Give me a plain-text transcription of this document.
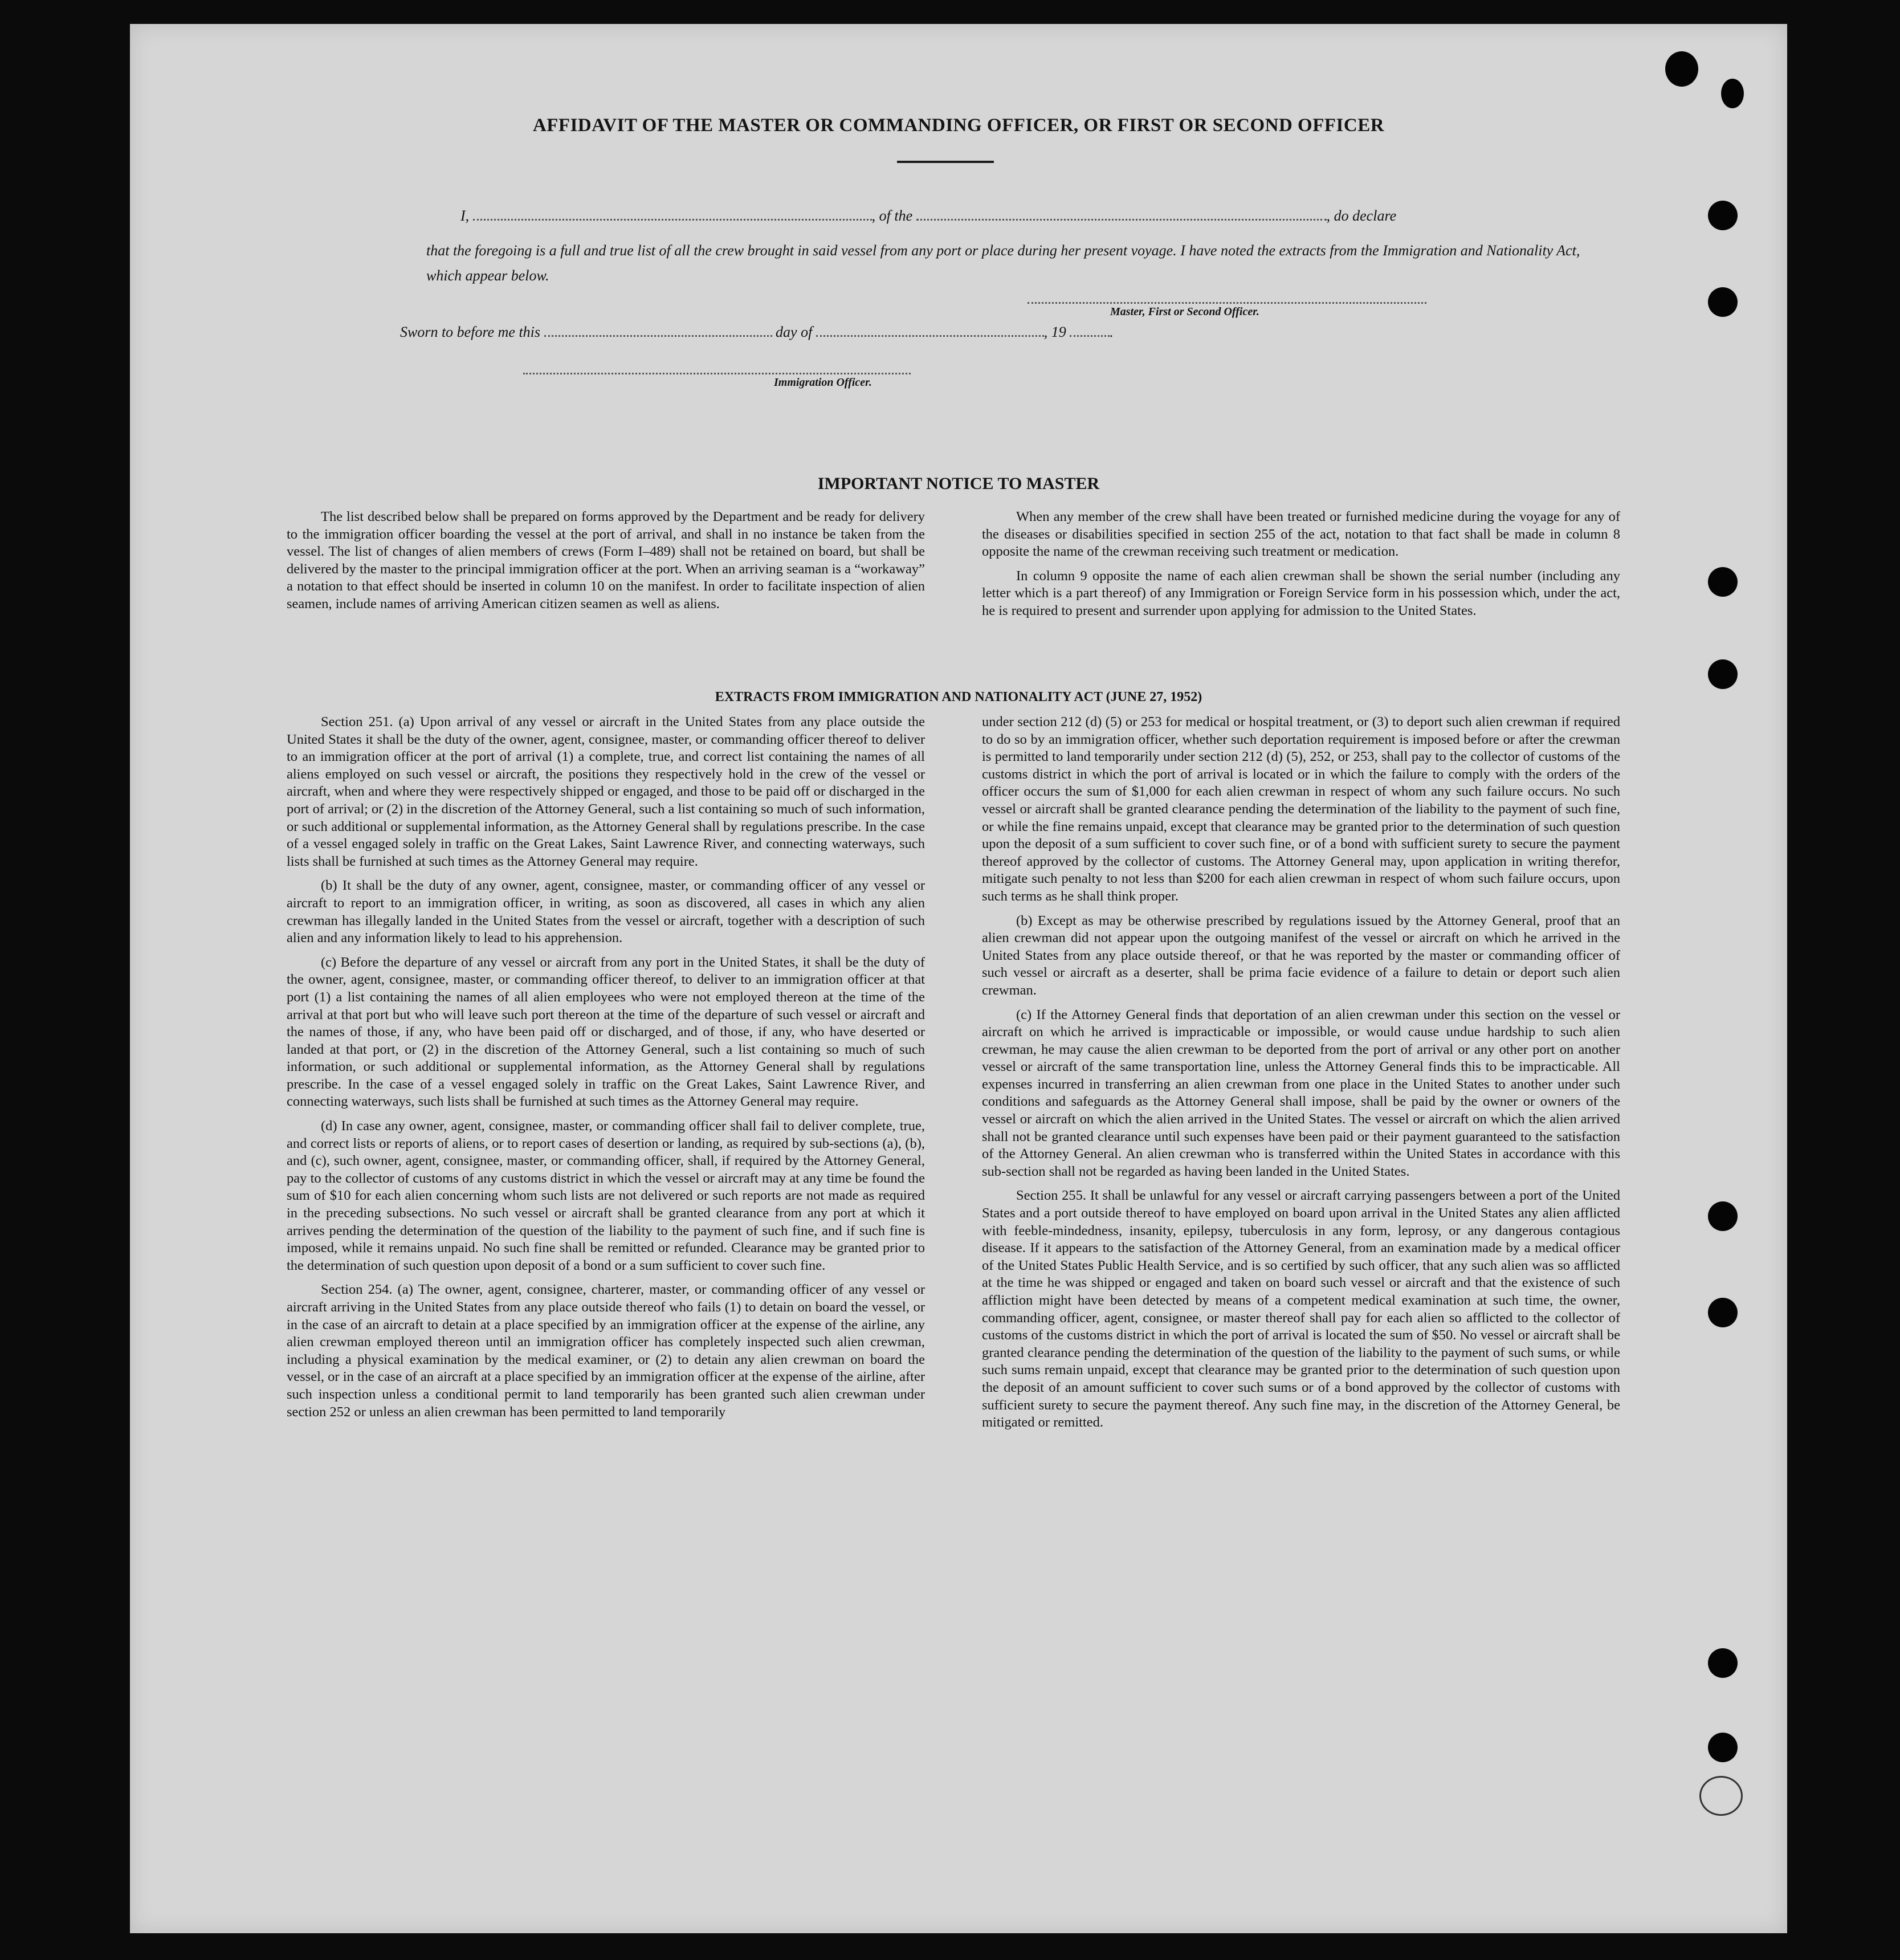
AFFIDAVIT OF THE MASTER OR COMMANDING OFFICER, OR FIRST OR SECOND OFFICER
I,	, of the	, do declare

that the foregoing is a full and true list of all the crew brought in said vessel from any port or place during her present voyage. I have noted the extracts from the Immigration and Nationality Act, which appear below.

Master, First or Second Officer.
Sworn to before me this	day of	, 19	.
Immigration Officer.
IMPORTANT NOTICE TO MASTER

The list described below shall be prepared on forms approved by the Department and be ready for delivery to the immigration officer boarding the vessel at the port of arrival, and shall in no instance be taken from the vessel. The list of changes of alien members of crews (Form I–489) shall not be retained on board, but shall be delivered by the master to the principal immigration officer at the port. When an arriving seaman is a “workaway” a notation to that effect should be inserted in column 10 on the manifest. In order to facilitate inspection of alien seamen, include names of arriving American citizen seamen as well as aliens.

When any member of the crew shall have been treated or furnished medicine during the voyage for any of the diseases or disabilities specified in section 255 of the act, notation to that fact shall be made in column 8 opposite the name of the crewman receiving such treatment or medication.

In column 9 opposite the name of each alien crewman shall be shown the serial number (including any letter which is a part thereof) of any Immigration or Foreign Service form in his possession which, under the act, he is required to present and surrender upon applying for admission to the United States.

EXTRACTS FROM IMMIGRATION AND NATIONALITY ACT (JUNE 27, 1952)

Section 251. (a) Upon arrival of any vessel or aircraft in the United States from any place outside the United States it shall be the duty of the owner, agent, consignee, master, or commanding officer thereof to deliver to an immigration officer at the port of arrival (1) a complete, true, and correct list containing the names of all aliens employed on such vessel or aircraft, the positions they respectively hold in the crew of the vessel or aircraft, when and where they were respectively shipped or engaged, and those to be paid off or discharged in the port of arrival; or (2) in the discretion of the Attorney General, such a list containing so much of such information, or such additional or supplemental information, as the Attorney General shall by regulations prescribe. In the case of a vessel engaged solely in traffic on the Great Lakes, Saint Lawrence River, and connecting waterways, such lists shall be furnished at such times as the Attorney General may require.

(b) It shall be the duty of any owner, agent, consignee, master, or commanding officer of any vessel or aircraft to report to an immigration officer, in writing, as soon as discovered, all cases in which any alien crewman has illegally landed in the United States from the vessel or aircraft, together with a description of such alien and any information likely to lead to his apprehension.

(c) Before the departure of any vessel or aircraft from any port in the United States, it shall be the duty of the owner, agent, consignee, master, or commanding officer thereof, to deliver to an immigration officer at that port (1) a list containing the names of all alien employees who were not employed thereon at the time of the arrival at that port but who will leave such port thereon at the time of the departure of such vessel or aircraft and the names of those, if any, who have been paid off or discharged, and of those, if any, who have deserted or landed at that port, or (2) in the discretion of the Attorney General, such a list containing so much of such information, or such additional or supplemental information, as the Attorney General shall by regulations prescribe. In the case of a vessel engaged solely in traffic on the Great Lakes, Saint Lawrence River, and connecting waterways, such lists shall be furnished at such times as the Attorney General may require.

(d) In case any owner, agent, consignee, master, or commanding officer shall fail to deliver complete, true, and correct lists or reports of aliens, or to report cases of desertion or landing, as required by sub-sections (a), (b), and (c), such owner, agent, consignee, master, or commanding officer, shall, if required by the Attorney General, pay to the collector of customs of any customs district in which the vessel or aircraft may at any time be found the sum of $10 for each alien concerning whom such lists are not delivered or such reports are not made as required in the preceding subsections. No such vessel or aircraft shall be granted clearance from any port at which it arrives pending the determination of the question of the liability to the payment of such fine, and if such fine is imposed, while it remains unpaid. No such fine shall be remitted or refunded. Clearance may be granted prior to the determination of such question upon deposit of a bond or a sum sufficient to cover such fine.

Section 254. (a) The owner, agent, consignee, charterer, master, or commanding officer of any vessel or aircraft arriving in the United States from any place outside thereof who fails (1) to detain on board the vessel, or in the case of an aircraft to detain at a place specified by an immigration officer at the expense of the airline, any alien crewman employed thereon until an immigration officer has completely inspected such alien crewman, including a physical examination by the medical examiner, or (2) to detain any alien crewman on board the vessel, or in the case of an aircraft at a place specified by an immigration officer at the expense of the airline, after such inspection unless a conditional permit to land temporarily has been granted such alien crewman under section 252 or unless an alien crewman has been permitted to land temporarily

under section 212 (d) (5) or 253 for medical or hospital treatment, or (3) to deport such alien crewman if required to do so by an immigration officer, whether such deportation requirement is imposed before or after the crewman is permitted to land temporarily under section 212 (d) (5), 252, or 253, shall pay to the collector of customs of the customs district in which the port of arrival is located or in which the failure to comply with the orders of the officer occurs the sum of $1,000 for each alien crewman in respect of whom any such failure occurs. No such vessel or aircraft shall be granted clearance pending the determination of the liability to the payment of such fine, or while the fine remains unpaid, except that clearance may be granted prior to the determination of such question upon the deposit of a sum sufficient to cover such fine, or of a bond with sufficient surety to secure the payment thereof approved by the collector of customs. The Attorney General may, upon application in writing therefor, mitigate such penalty to not less than $200 for each alien crewman in respect of whom such failure occurs, upon such terms as he shall think proper.

(b) Except as may be otherwise prescribed by regulations issued by the Attorney General, proof that an alien crewman did not appear upon the outgoing manifest of the vessel or aircraft on which he arrived in the United States from any place outside thereof, or that he was reported by the master or commanding officer of such vessel or aircraft as a deserter, shall be prima facie evidence of a failure to detain or deport such alien crewman.

(c) If the Attorney General finds that deportation of an alien crewman under this section on the vessel or aircraft on which he arrived is impracticable or impossible, or would cause undue hardship to such alien crewman, he may cause the alien crewman to be deported from the port of arrival or any other port on another vessel or aircraft of the same transportation line, unless the Attorney General finds this to be impracticable. All expenses incurred in transferring an alien crewman from one place in the United States to another under such conditions and safeguards as the Attorney General shall impose, shall be paid by the owner or owners of the vessel or aircraft on which the alien arrived in the United States. The vessel or aircraft on which the alien arrived shall not be granted clearance until such expenses have been paid or their payment guaranteed to the satisfaction of the Attorney General. An alien crewman who is transferred within the United States in accordance with this sub-section shall not be regarded as having been landed in the United States.

Section 255. It shall be unlawful for any vessel or aircraft carrying passengers between a port of the United States and a port outside thereof to have employed on board upon arrival in the United States any alien afflicted with feeble-mindedness, insanity, epilepsy, tuberculosis in any form, leprosy, or any dangerous contagious disease. If it appears to the satisfaction of the Attorney General, from an examination made by a medical officer of the United States Public Health Service, and is so certified by such officer, that any such alien was so afflicted at the time he was shipped or engaged and taken on board such vessel or aircraft and that the existence of such affliction might have been detected by means of a competent medical examination at such time, the owner, commanding officer, agent, consignee, or master thereof shall pay for each alien so afflicted to the collector of customs of the customs district in which the port of arrival is located the sum of $50. No vessel or aircraft shall be granted clearance pending the determination of the question of the liability to the payment of such sums, or while such sums remain unpaid, except that clearance may be granted prior to the determination of such question upon the deposit of an amount sufficient to cover such sums or of a bond approved by the collector of customs with sufficient surety to secure the payment thereof. Any such fine may, in the discretion of the Attorney General, be mitigated or remitted.
